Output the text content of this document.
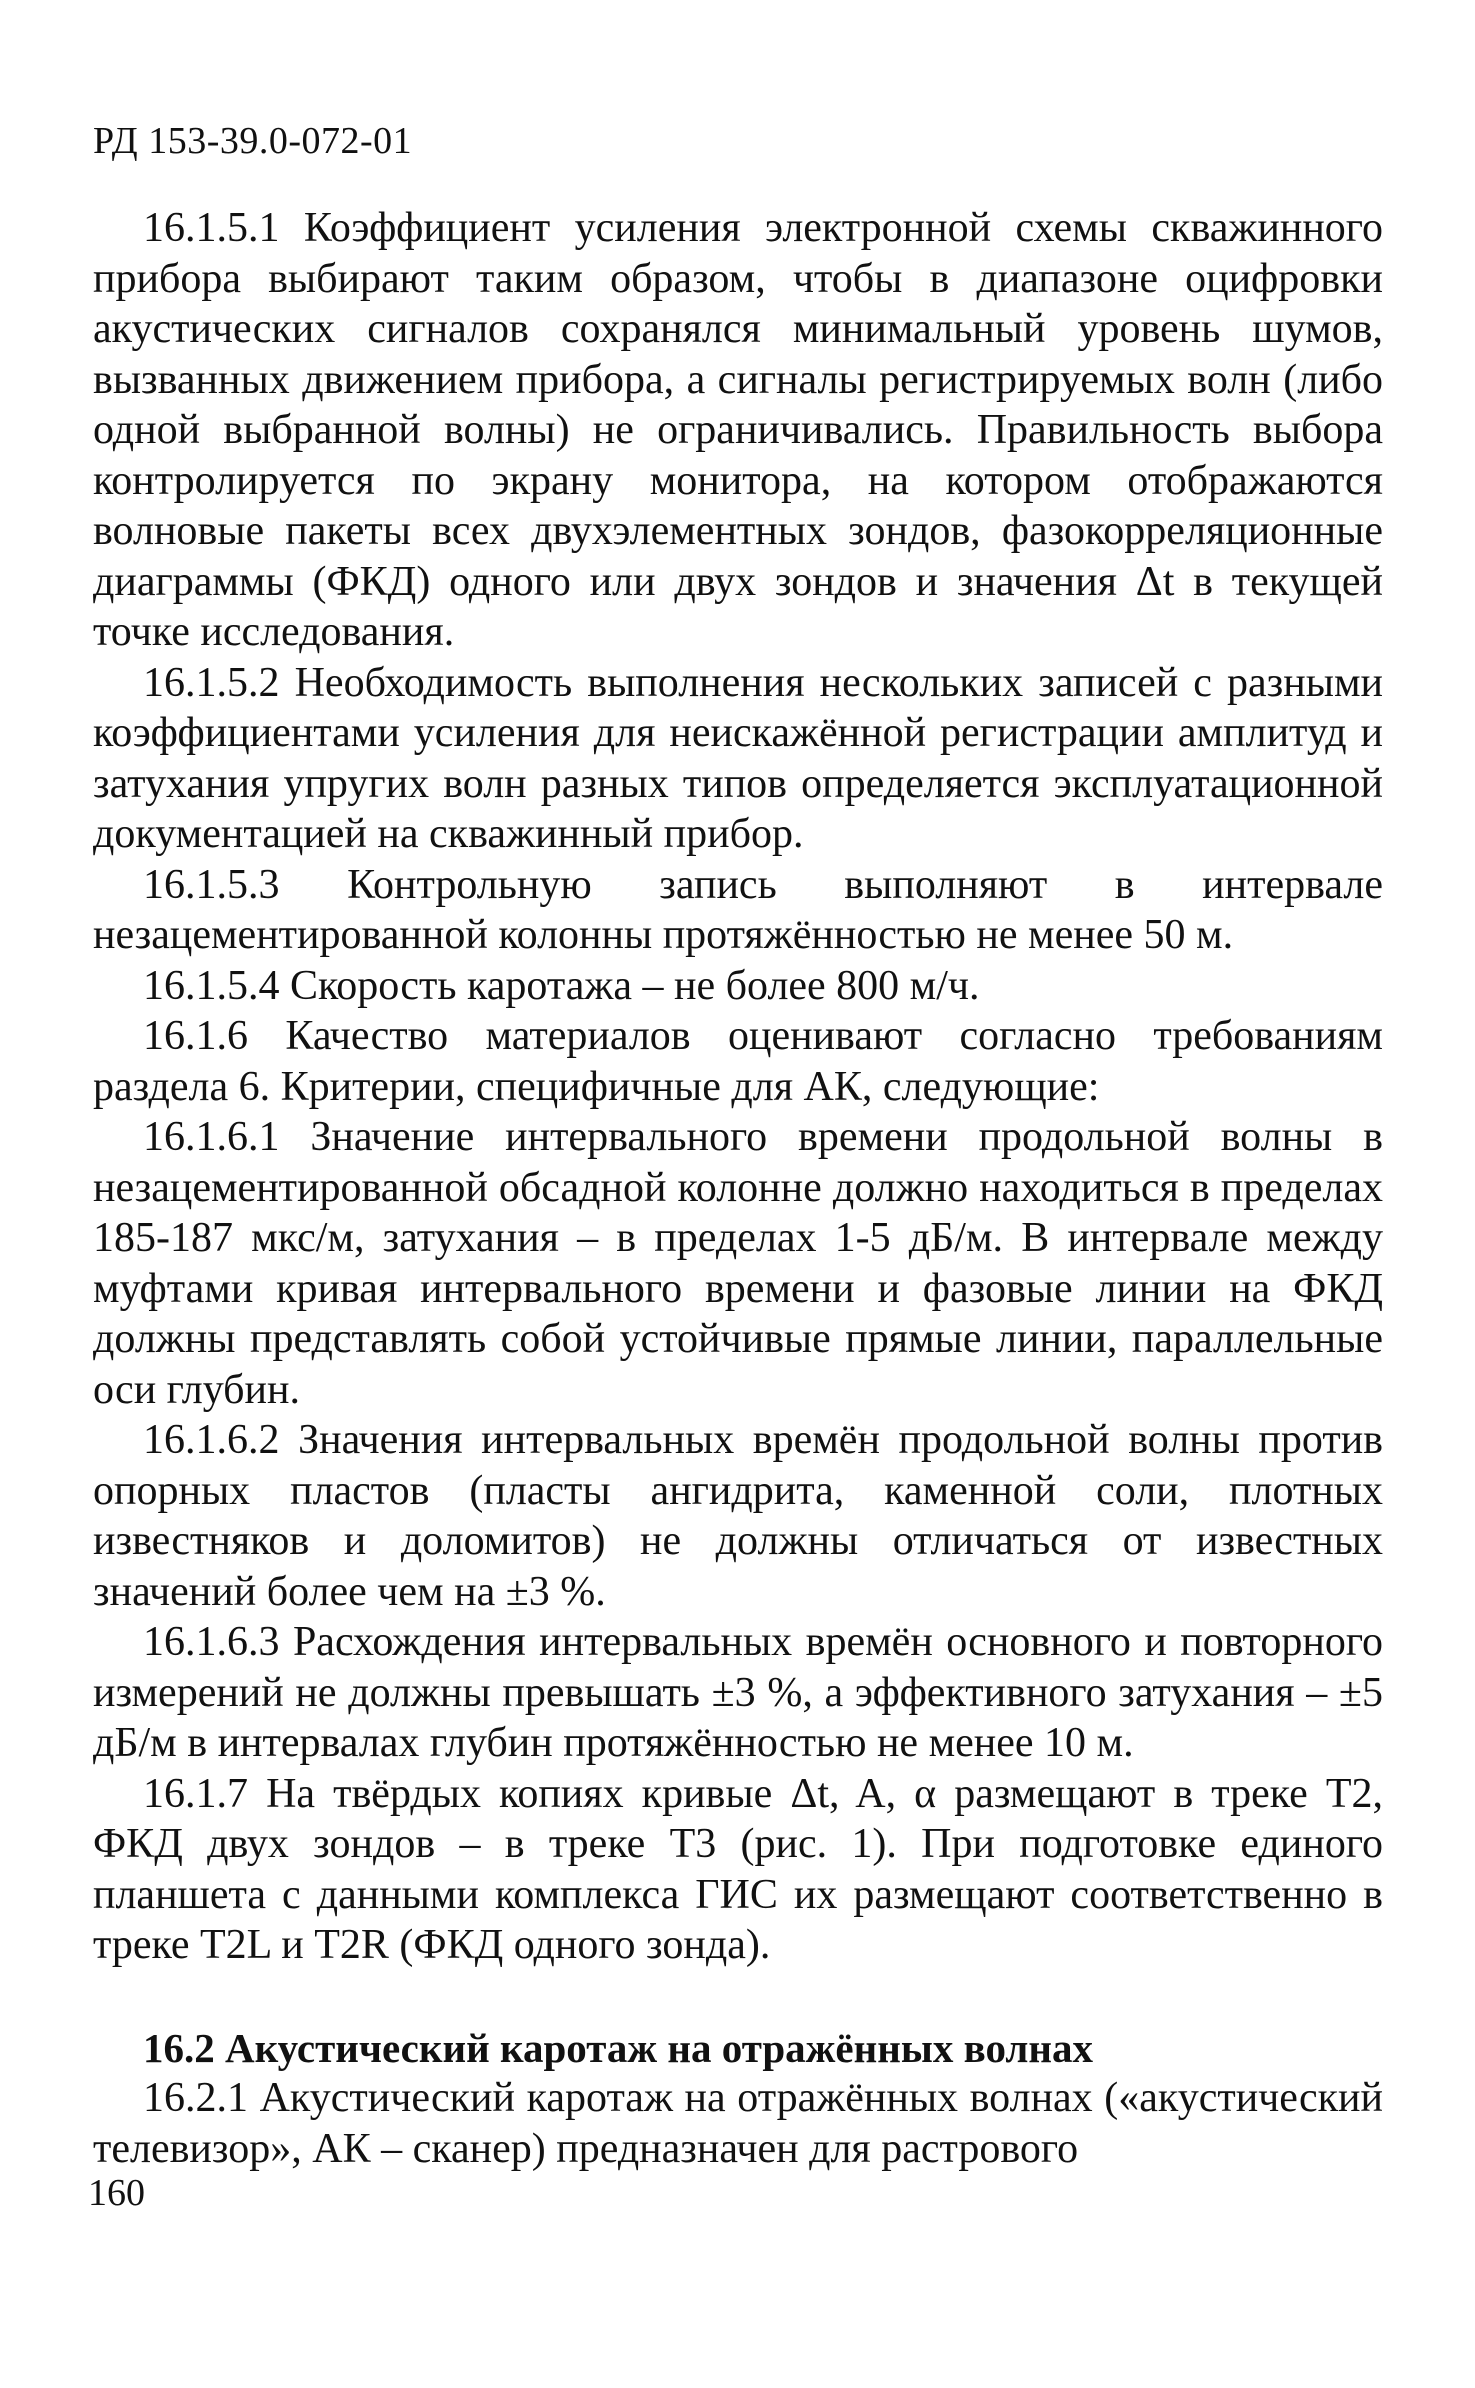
РД 153-39.0-072-01

16.1.5.1 Коэффициент усиления электронной схемы скважинного прибора выбирают таким образом, чтобы в диапазоне оцифровки акустических сигналов сохранялся минимальный уровень шумов, вызванных движением прибора, а сигналы регистрируемых волн (либо одной выбранной волны) не ограничивались. Правильность выбора контролируется по экрану монитора, на котором отображаются волновые пакеты всех двухэлементных зондов, фазокорреляционные диаграммы (ФКД) одного или двух зондов и значения Δt в текущей точке исследования.

16.1.5.2 Необходимость выполнения нескольких записей с разными коэффициентами усиления для неискажённой регистрации амплитуд и затухания упругих волн разных типов определяется эксплуатационной документацией на скважинный прибор.

16.1.5.3 Контрольную запись выполняют в интервале незацементированной колонны протяжённостью не менее 50 м.

16.1.5.4 Скорость каротажа – не более 800 м/ч.

16.1.6 Качество материалов оценивают согласно требованиям раздела 6. Критерии, специфичные для АК, следующие:

16.1.6.1 Значение интервального времени продольной волны в незацементированной обсадной колонне должно находиться в пределах 185-187 мкс/м, затухания – в пределах 1-5 дБ/м. В интервале между муфтами кривая интервального времени и фазовые линии на ФКД должны представлять собой устойчивые прямые линии, параллельные оси глубин.

16.1.6.2 Значения интервальных времён продольной волны против опорных пластов (пласты ангидрита, каменной соли, плотных известняков и доломитов) не должны отличаться от известных значений более чем на ±3 %.

16.1.6.3 Расхождения интервальных времён основного и повторного измерений не должны превышать ±3 %, а эффективного затухания – ±5 дБ/м в интервалах глубин протяжённостью не менее 10 м.

16.1.7 На твёрдых копиях кривые Δt, A, α размещают в треке T2, ФКД двух зондов – в треке T3 (рис. 1). При подготовке единого планшета с данными комплекса ГИС их размещают соответственно в треке T2L и T2R (ФКД одного зонда).

16.2 Акустический каротаж на отражённых волнах

16.2.1 Акустический каротаж на отражённых волнах («акустический телевизор», АК – сканер) предназначен для растрового

160
